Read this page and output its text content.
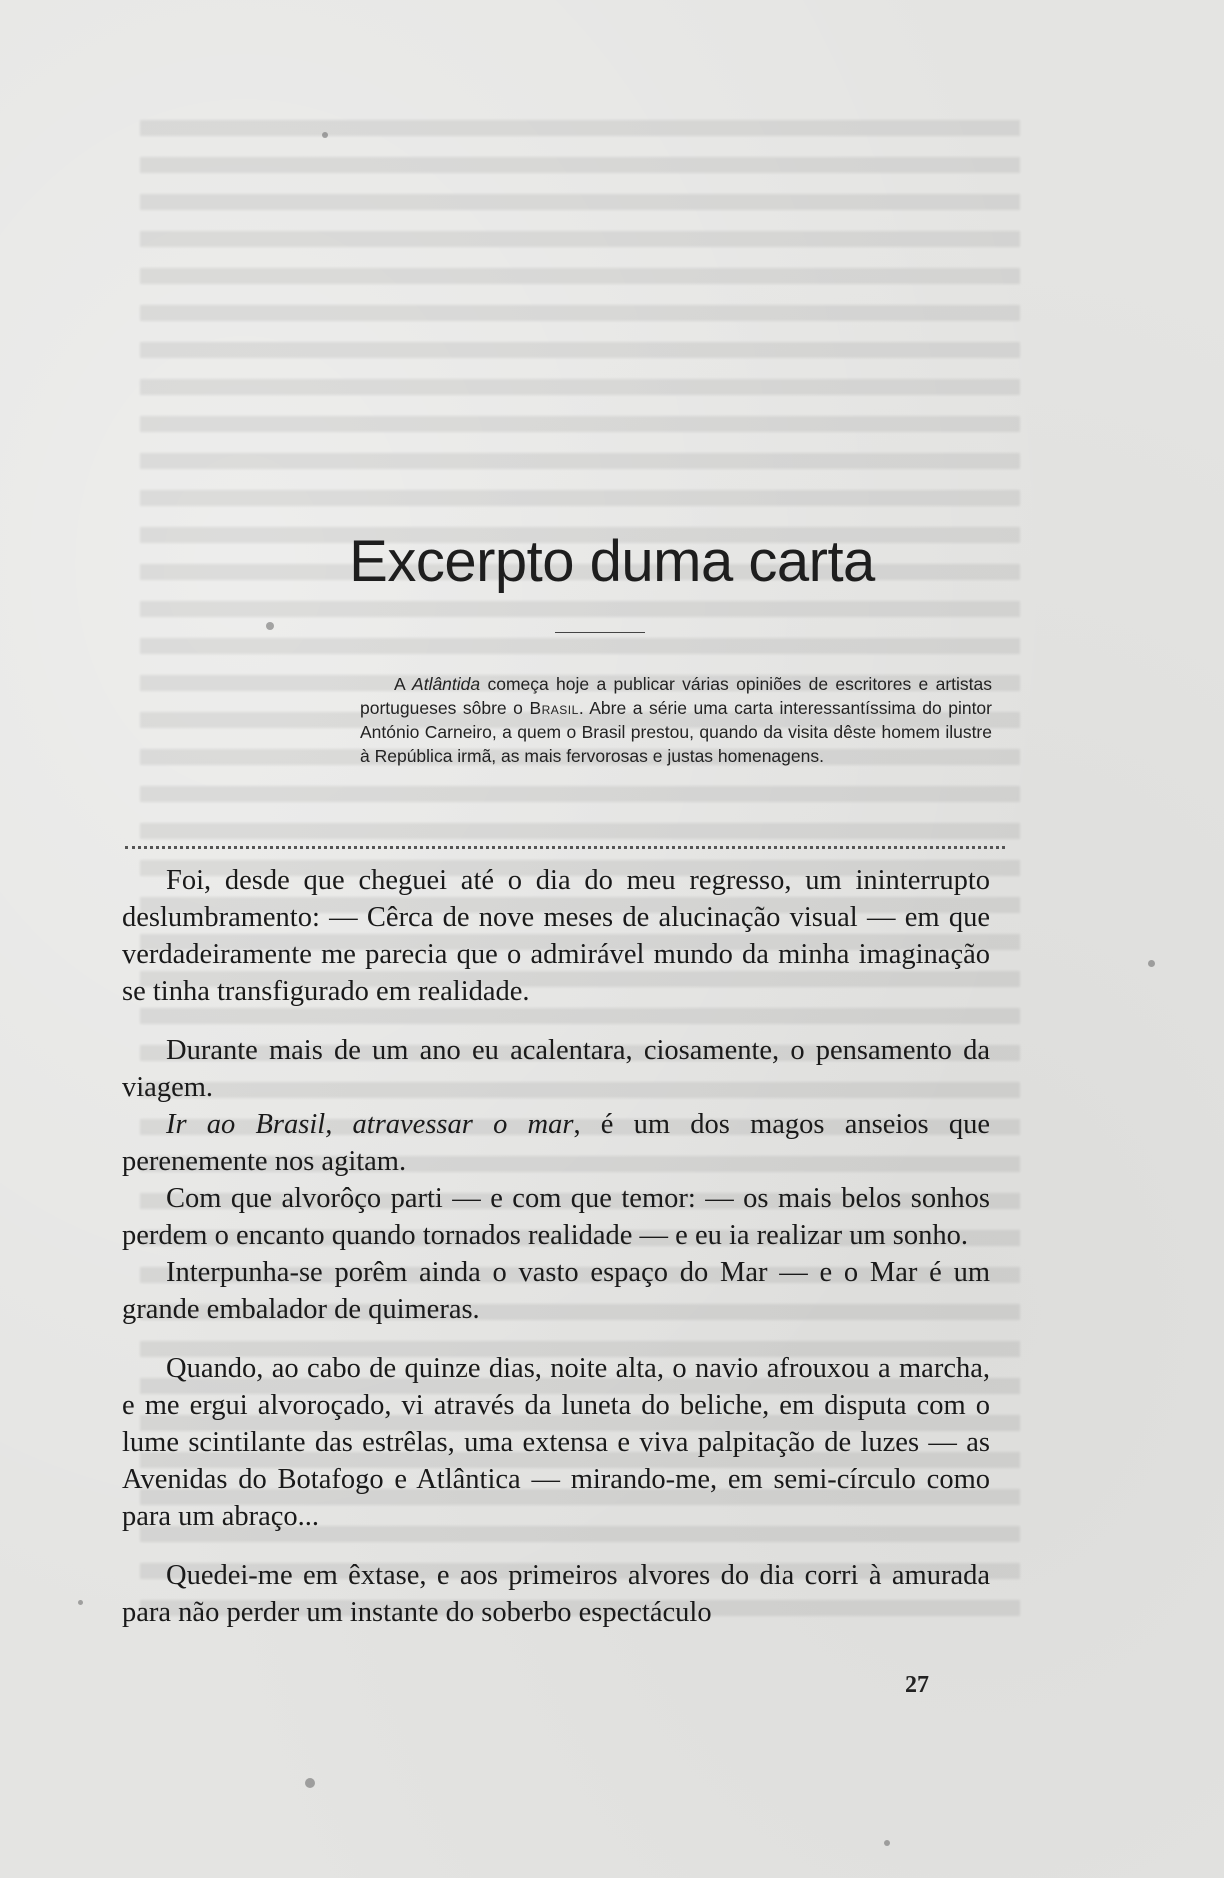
Excerpto duma carta

A Atlântida começa hoje a publicar várias opiniões de escritores e artistas portugueses sôbre o Brasil. Abre a série uma carta interessantíssima do pintor António Carneiro, a quem o Brasil prestou, quando da visita dêste homem ilustre à República irmã, as mais fervorosas e justas homenagens.

Foi, desde que cheguei até o dia do meu regresso, um ininterrupto deslumbramento: — Cêrca de nove meses de alucinação visual — em que verdadeiramente me parecia que o admirável mundo da minha imaginação se tinha transfigurado em realidade.

Durante mais de um ano eu acalentara, ciosamente, o pensamento da viagem.

Ir ao Brasil, atravessar o mar, é um dos magos anseios que perenemente nos agitam.

Com que alvorôço parti — e com que temor: — os mais belos sonhos perdem o encanto quando tornados realidade — e eu ia realizar um sonho.

Interpunha-se porêm ainda o vasto espaço do Mar — e o Mar é um grande embalador de quimeras.

Quando, ao cabo de quinze dias, noite alta, o navio afrouxou a marcha, e me ergui alvoroçado, vi através da luneta do beliche, em disputa com o lume scintilante das estrêlas, uma extensa e viva palpitação de luzes — as Avenidas do Botafogo e Atlântica — mirando-me, em semi-círculo como para um abraço...

Quedei-me em êxtase, e aos primeiros alvores do dia corri à amurada para não perder um instante do soberbo espectáculo

27
